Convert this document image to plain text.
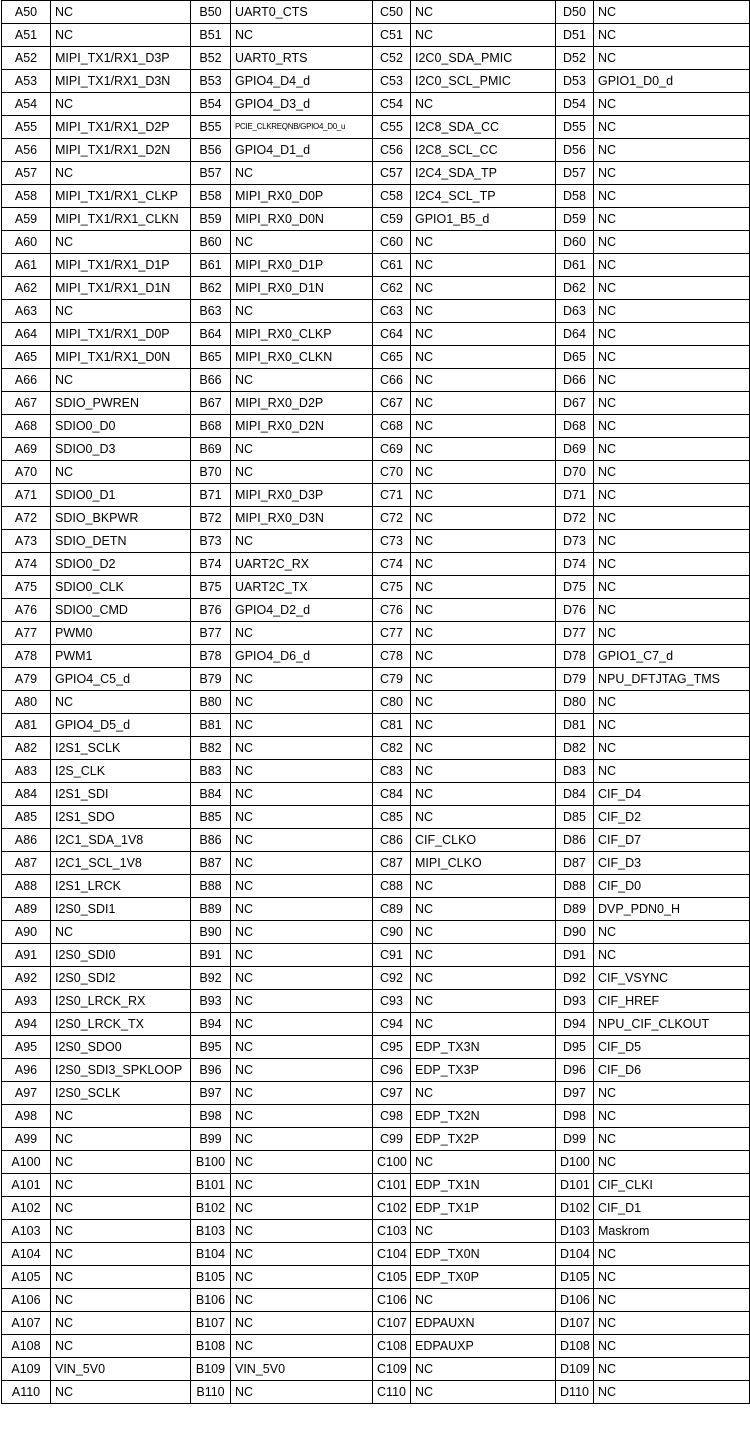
A50	NC	B50	UART0_CTS	C50	NC	D50	NC
A51	NC	B51	NC	C51	NC	D51	NC
A52	MIPI_TX1/RX1_D3P	B52	UART0_RTS	C52	I2C0_SDA_PMIC	D52	NC
A53	MIPI_TX1/RX1_D3N	B53	GPIO4_D4_d	C53	I2C0_SCL_PMIC	D53	GPIO1_D0_d
A54	NC	B54	GPIO4_D3_d	C54	NC	D54	NC
A55	MIPI_TX1/RX1_D2P	B55	PCIE_CLKREQNB/GPIO4_D0_u	C55	I2C8_SDA_CC	D55	NC
A56	MIPI_TX1/RX1_D2N	B56	GPIO4_D1_d	C56	I2C8_SCL_CC	D56	NC
A57	NC	B57	NC	C57	I2C4_SDA_TP	D57	NC
A58	MIPI_TX1/RX1_CLKP	B58	MIPI_RX0_D0P	C58	I2C4_SCL_TP	D58	NC
A59	MIPI_TX1/RX1_CLKN	B59	MIPI_RX0_D0N	C59	GPIO1_B5_d	D59	NC
A60	NC	B60	NC	C60	NC	D60	NC
A61	MIPI_TX1/RX1_D1P	B61	MIPI_RX0_D1P	C61	NC	D61	NC
A62	MIPI_TX1/RX1_D1N	B62	MIPI_RX0_D1N	C62	NC	D62	NC
A63	NC	B63	NC	C63	NC	D63	NC
A64	MIPI_TX1/RX1_D0P	B64	MIPI_RX0_CLKP	C64	NC	D64	NC
A65	MIPI_TX1/RX1_D0N	B65	MIPI_RX0_CLKN	C65	NC	D65	NC
A66	NC	B66	NC	C66	NC	D66	NC
A67	SDIO_PWREN	B67	MIPI_RX0_D2P	C67	NC	D67	NC
A68	SDIO0_D0	B68	MIPI_RX0_D2N	C68	NC	D68	NC
A69	SDIO0_D3	B69	NC	C69	NC	D69	NC
A70	NC	B70	NC	C70	NC	D70	NC
A71	SDIO0_D1	B71	MIPI_RX0_D3P	C71	NC	D71	NC
A72	SDIO_BKPWR	B72	MIPI_RX0_D3N	C72	NC	D72	NC
A73	SDIO_DETN	B73	NC	C73	NC	D73	NC
A74	SDIO0_D2	B74	UART2C_RX	C74	NC	D74	NC
A75	SDIO0_CLK	B75	UART2C_TX	C75	NC	D75	NC
A76	SDIO0_CMD	B76	GPIO4_D2_d	C76	NC	D76	NC
A77	PWM0	B77	NC	C77	NC	D77	NC
A78	PWM1	B78	GPIO4_D6_d	C78	NC	D78	GPIO1_C7_d
A79	GPIO4_C5_d	B79	NC	C79	NC	D79	NPU_DFTJTAG_TMS
A80	NC	B80	NC	C80	NC	D80	NC
A81	GPIO4_D5_d	B81	NC	C81	NC	D81	NC
A82	I2S1_SCLK	B82	NC	C82	NC	D82	NC
A83	I2S_CLK	B83	NC	C83	NC	D83	NC
A84	I2S1_SDI	B84	NC	C84	NC	D84	CIF_D4
A85	I2S1_SDO	B85	NC	C85	NC	D85	CIF_D2
A86	I2C1_SDA_1V8	B86	NC	C86	CIF_CLKO	D86	CIF_D7
A87	I2C1_SCL_1V8	B87	NC	C87	MIPI_CLKO	D87	CIF_D3
A88	I2S1_LRCK	B88	NC	C88	NC	D88	CIF_D0
A89	I2S0_SDI1	B89	NC	C89	NC	D89	DVP_PDN0_H
A90	NC	B90	NC	C90	NC	D90	NC
A91	I2S0_SDI0	B91	NC	C91	NC	D91	NC
A92	I2S0_SDI2	B92	NC	C92	NC	D92	CIF_VSYNC
A93	I2S0_LRCK_RX	B93	NC	C93	NC	D93	CIF_HREF
A94	I2S0_LRCK_TX	B94	NC	C94	NC	D94	NPU_CIF_CLKOUT
A95	I2S0_SDO0	B95	NC	C95	EDP_TX3N	D95	CIF_D5
A96	I2S0_SDI3_SPKLOOP	B96	NC	C96	EDP_TX3P	D96	CIF_D6
A97	I2S0_SCLK	B97	NC	C97	NC	D97	NC
A98	NC	B98	NC	C98	EDP_TX2N	D98	NC
A99	NC	B99	NC	C99	EDP_TX2P	D99	NC
A100	NC	B100	NC	C100	NC	D100	NC
A101	NC	B101	NC	C101	EDP_TX1N	D101	CIF_CLKI
A102	NC	B102	NC	C102	EDP_TX1P	D102	CIF_D1
A103	NC	B103	NC	C103	NC	D103	Maskrom
A104	NC	B104	NC	C104	EDP_TX0N	D104	NC
A105	NC	B105	NC	C105	EDP_TX0P	D105	NC
A106	NC	B106	NC	C106	NC	D106	NC
A107	NC	B107	NC	C107	EDPAUXN	D107	NC
A108	NC	B108	NC	C108	EDPAUXP	D108	NC
A109	VIN_5V0	B109	VIN_5V0	C109	NC	D109	NC
A110	NC	B110	NC	C110	NC	D110	NC
